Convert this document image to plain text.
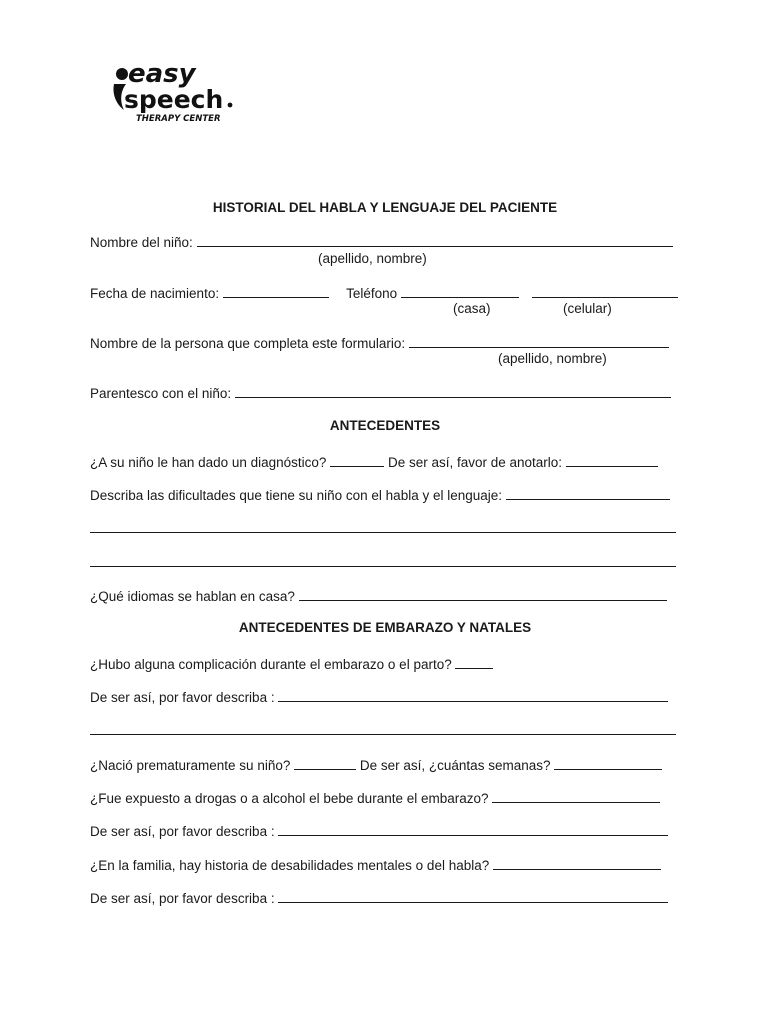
easy
speech
THERAPY CENTER
HISTORIAL DEL HABLA Y LENGUAJE DEL PACIENTE
Nombre del niño:
(apellido, nombre)
Fecha de nacimiento:	Teléfono
(casa)	(celular)
Nombre de la persona que completa este formulario:
(apellido, nombre)
Parentesco con el niño:
ANTECEDENTES
¿A su niño le han dado un diagnóstico?	De ser así, favor de anotarlo:
Describa las dificultades que tiene su niño con el habla y el lenguaje:
¿Qué idiomas se hablan en casa?
ANTECEDENTES DE EMBARAZO Y NATALES
¿Hubo alguna complicación durante el embarazo o el parto?
De ser así, por favor describa :
¿Nació prematuramente su niño?	De ser así, ¿cuántas semanas?
¿Fue expuesto a drogas o a alcohol el bebe durante el embarazo?
De ser así, por favor describa :
¿En la familia, hay historia de desabilidades mentales o del habla?
De ser así, por favor describa :
